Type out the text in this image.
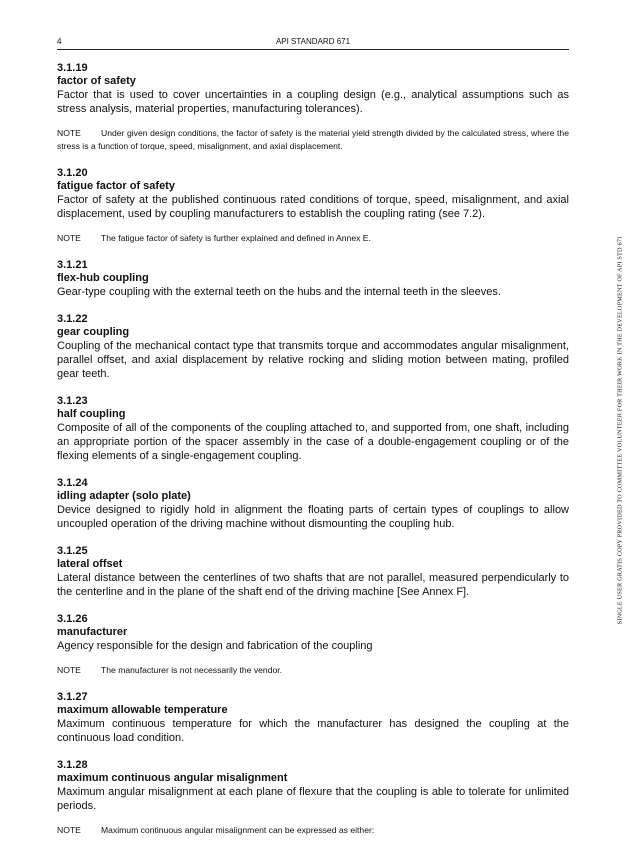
4	API STANDARD 671
3.1.19
factor of safety
Factor that is used to cover uncertainties in a coupling design (e.g., analytical assumptions such as stress analysis, material properties, manufacturing tolerances).
NOTE Under given design conditions, the factor of safety is the material yield strength divided by the calculated stress, where the stress is a function of torque, speed, misalignment, and axial displacement.
3.1.20
fatigue factor of safety
Factor of safety at the published continuous rated conditions of torque, speed, misalignment, and axial displacement, used by coupling manufacturers to establish the coupling rating (see 7.2).
NOTE The fatigue factor of safety is further explained and defined in Annex E.
3.1.21
flex-hub coupling
Gear-type coupling with the external teeth on the hubs and the internal teeth in the sleeves.
3.1.22
gear coupling
Coupling of the mechanical contact type that transmits torque and accommodates angular misalignment, parallel offset, and axial displacement by relative rocking and sliding motion between mating, profiled gear teeth.
3.1.23
half coupling
Composite of all of the components of the coupling attached to, and supported from, one shaft, including an appropriate portion of the spacer assembly in the case of a double-engagement coupling or of the flexing elements of a single-engagement coupling.
3.1.24
idling adapter (solo plate)
Device designed to rigidly hold in alignment the floating parts of certain types of couplings to allow uncoupled operation of the driving machine without dismounting the coupling hub.
3.1.25
lateral offset
Lateral distance between the centerlines of two shafts that are not parallel, measured perpendicularly to the centerline and in the plane of the shaft end of the driving machine [See Annex F].
3.1.26
manufacturer
Agency responsible for the design and fabrication of the coupling
NOTE The manufacturer is not necessarily the vendor.
3.1.27
maximum allowable temperature
Maximum continuous temperature for which the manufacturer has designed the coupling at the continuous load condition.
3.1.28
maximum continuous angular misalignment
Maximum angular misalignment at each plane of flexure that the coupling is able to tolerate for unlimited periods.
NOTE Maximum continuous angular misalignment can be expressed as either:
SINGLE USER GRATIS COPY PROVIDED TO COMMITTEE VOLUNTEER FOR THEIR WORK IN THE DEVELOPMENT OF API STD 671
